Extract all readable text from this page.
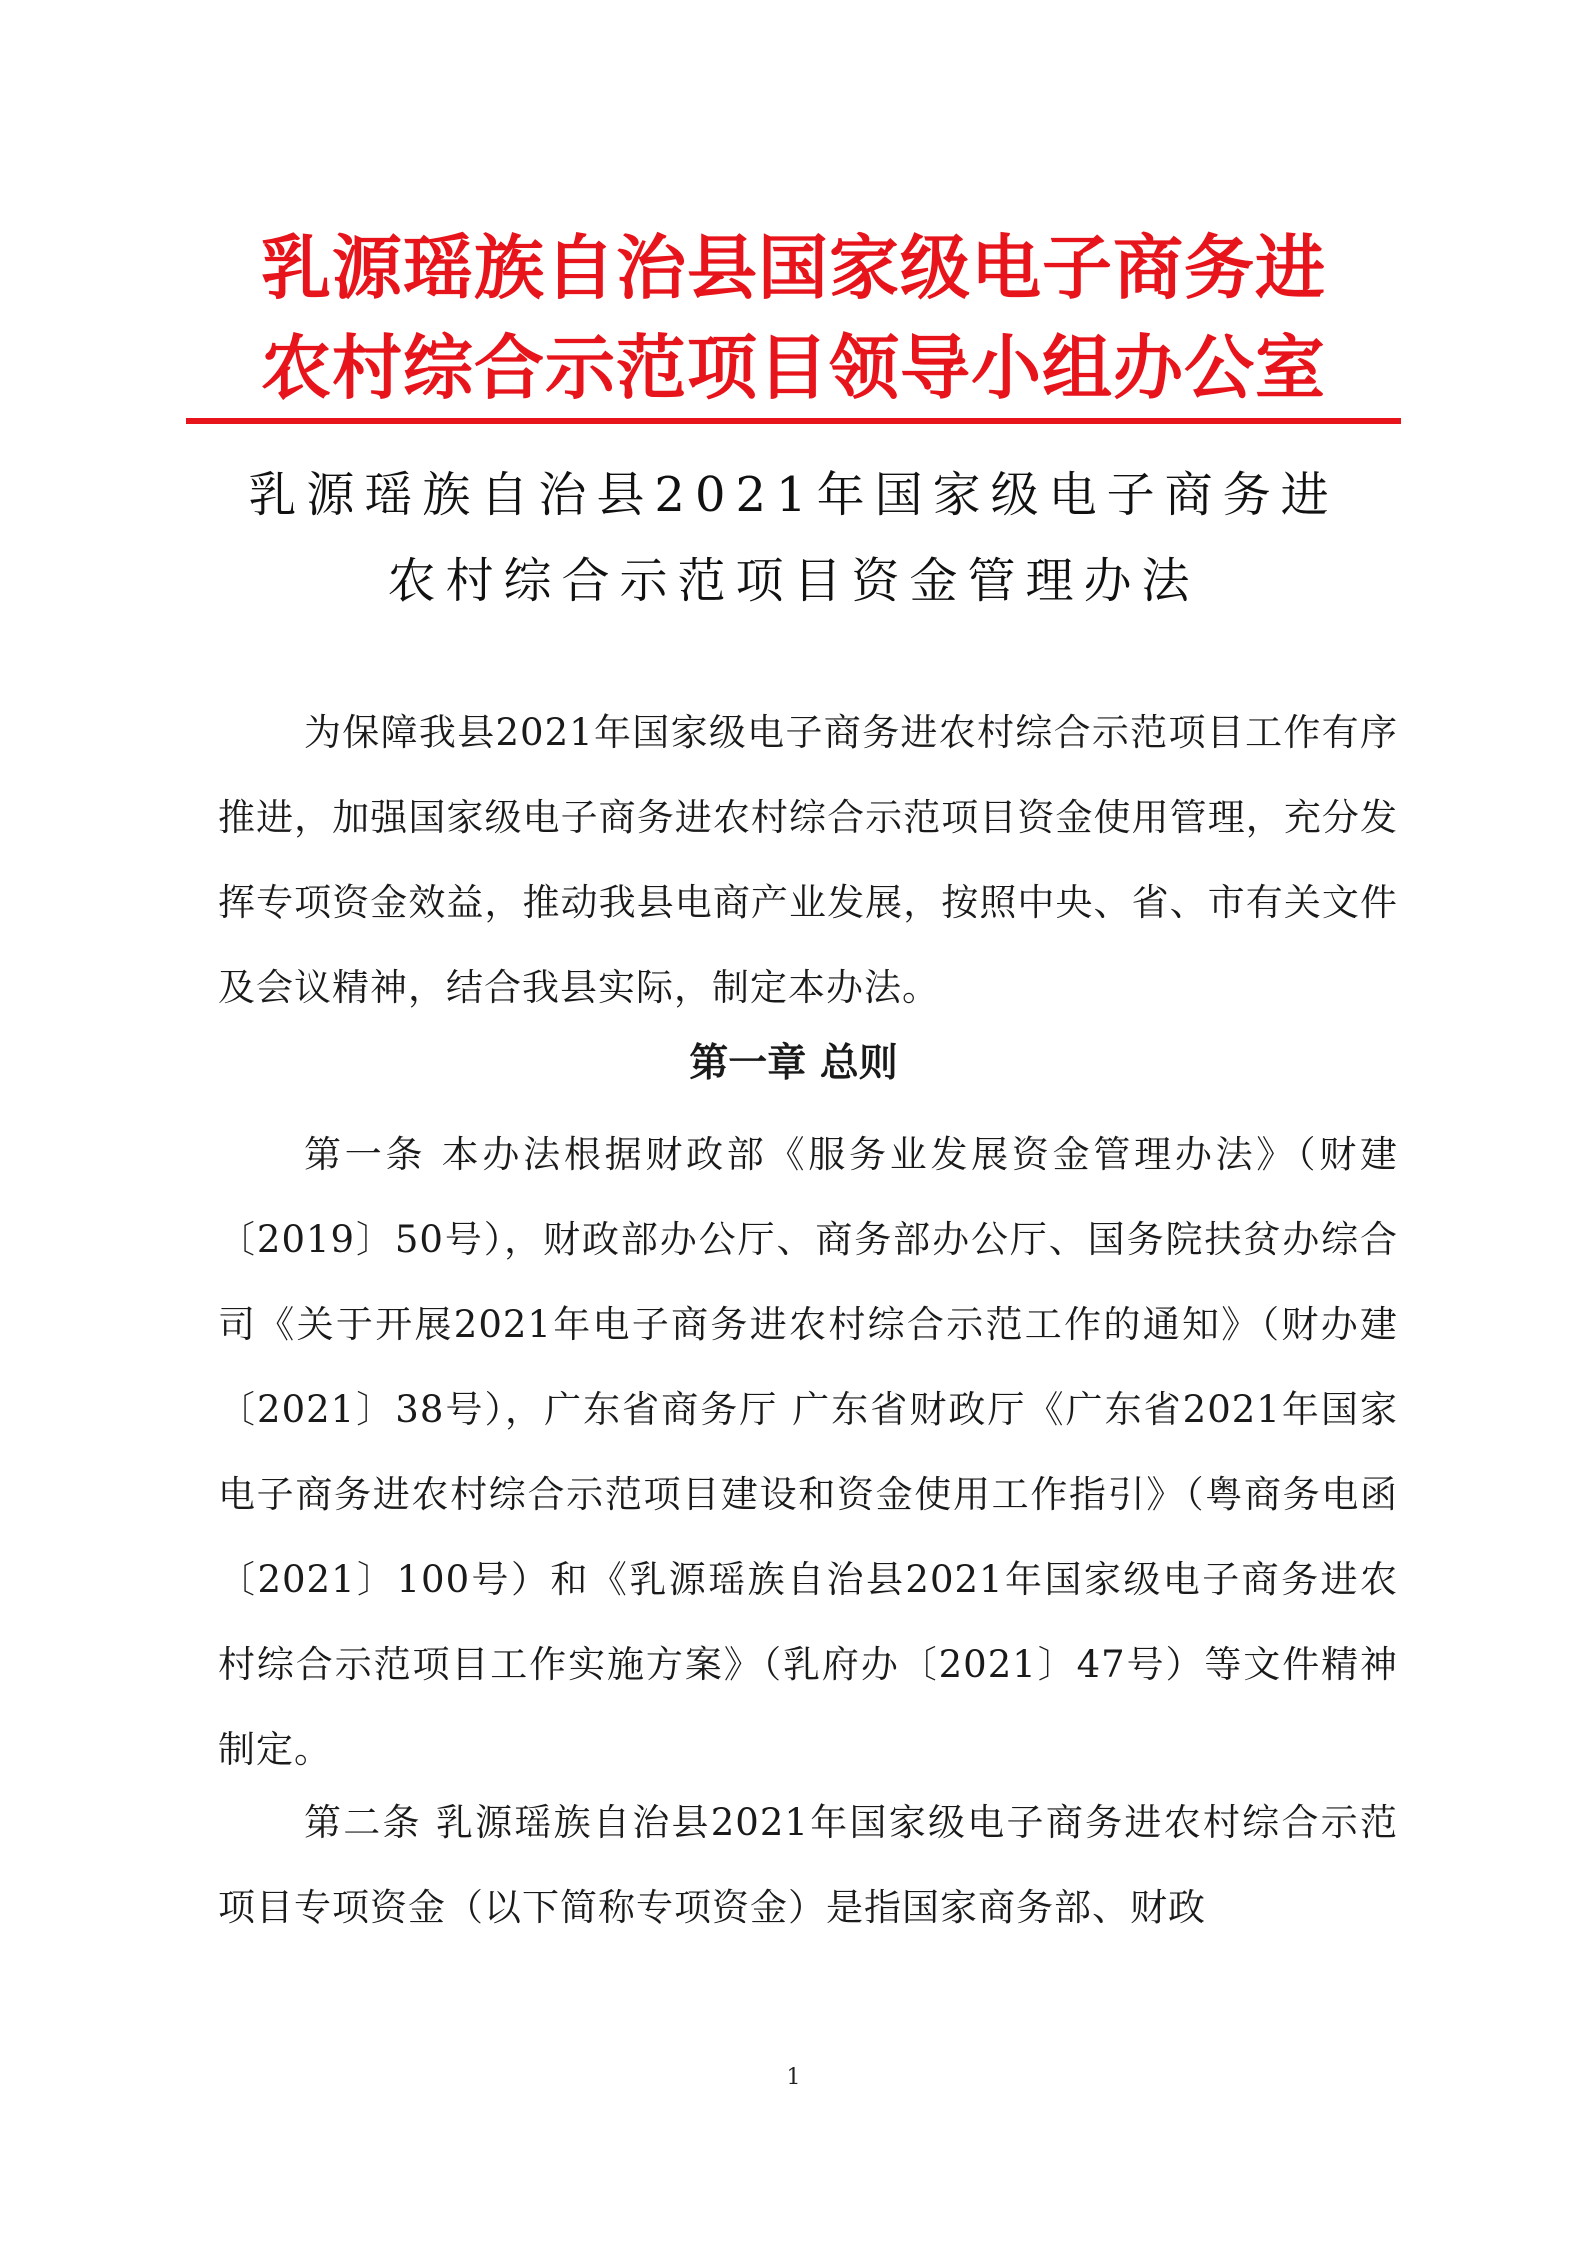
乳源瑶族自治县国家级电子商务进
农村综合示范项目领导小组办公室
乳源瑶族自治县2021年国家级电子商务进
农村综合示范项目资金管理办法

为保障我县2021年国家级电子商务进农村综合示范项目工作有序推进，加强国家级电子商务进农村综合示范项目资金使用管理，充分发挥专项资金效益，推动我县电商产业发展，按照中央、省、市有关文件及会议精神，结合我县实际，制定本办法。

第一章 总则

第一条 本办法根据财政部《服务业发展资金管理办法》（财建〔2019〕50号），财政部办公厅、商务部办公厅、国务院扶贫办综合司《关于开展2021年电子商务进农村综合示范工作的通知》（财办建〔2021〕38号），广东省商务厅 广东省财政厅《广东省2021年国家电子商务进农村综合示范项目建设和资金使用工作指引》（粤商务电函〔2021〕100号）和《乳源瑶族自治县2021年国家级电子商务进农村综合示范项目工作实施方案》（乳府办〔2021〕47号）等文件精神制定。

第二条 乳源瑶族自治县2021年国家级电子商务进农村综合示范项目专项资金（以下简称专项资金）是指国家商务部、财政

1
